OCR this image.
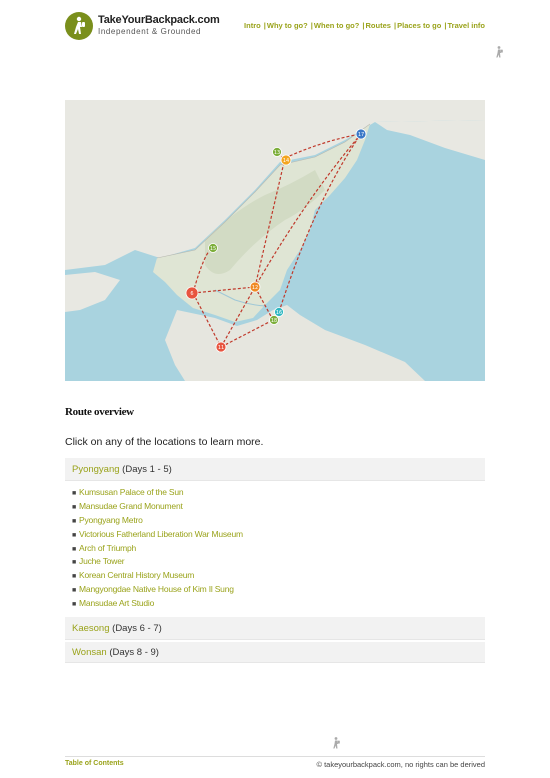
TakeYourBackpack.com
Independent & Grounded
Intro |Why to go? |When to go? |Routes |Places to go |Travel info
17
13
14
15
12
6
16
18
11
Route overview
Click on any of the locations to learn more.
Pyongyang (Days 1 - 5)
■ Kumsusan Palace of the Sun
■ Mansudae Grand Monument
■ Pyongyang Metro
■ Victorious Fatherland Liberation War Museum
■ Arch of Triumph
■ Juche Tower
■ Korean Central History Museum
■ Mangyongdae Native House of Kim Il Sung
■ Mansudae Art Studio
Kaesong (Days 6 - 7)
Wonsan (Days 8 - 9)
Table of Contents	© takeyourbackpack.com, no rights can be derived
